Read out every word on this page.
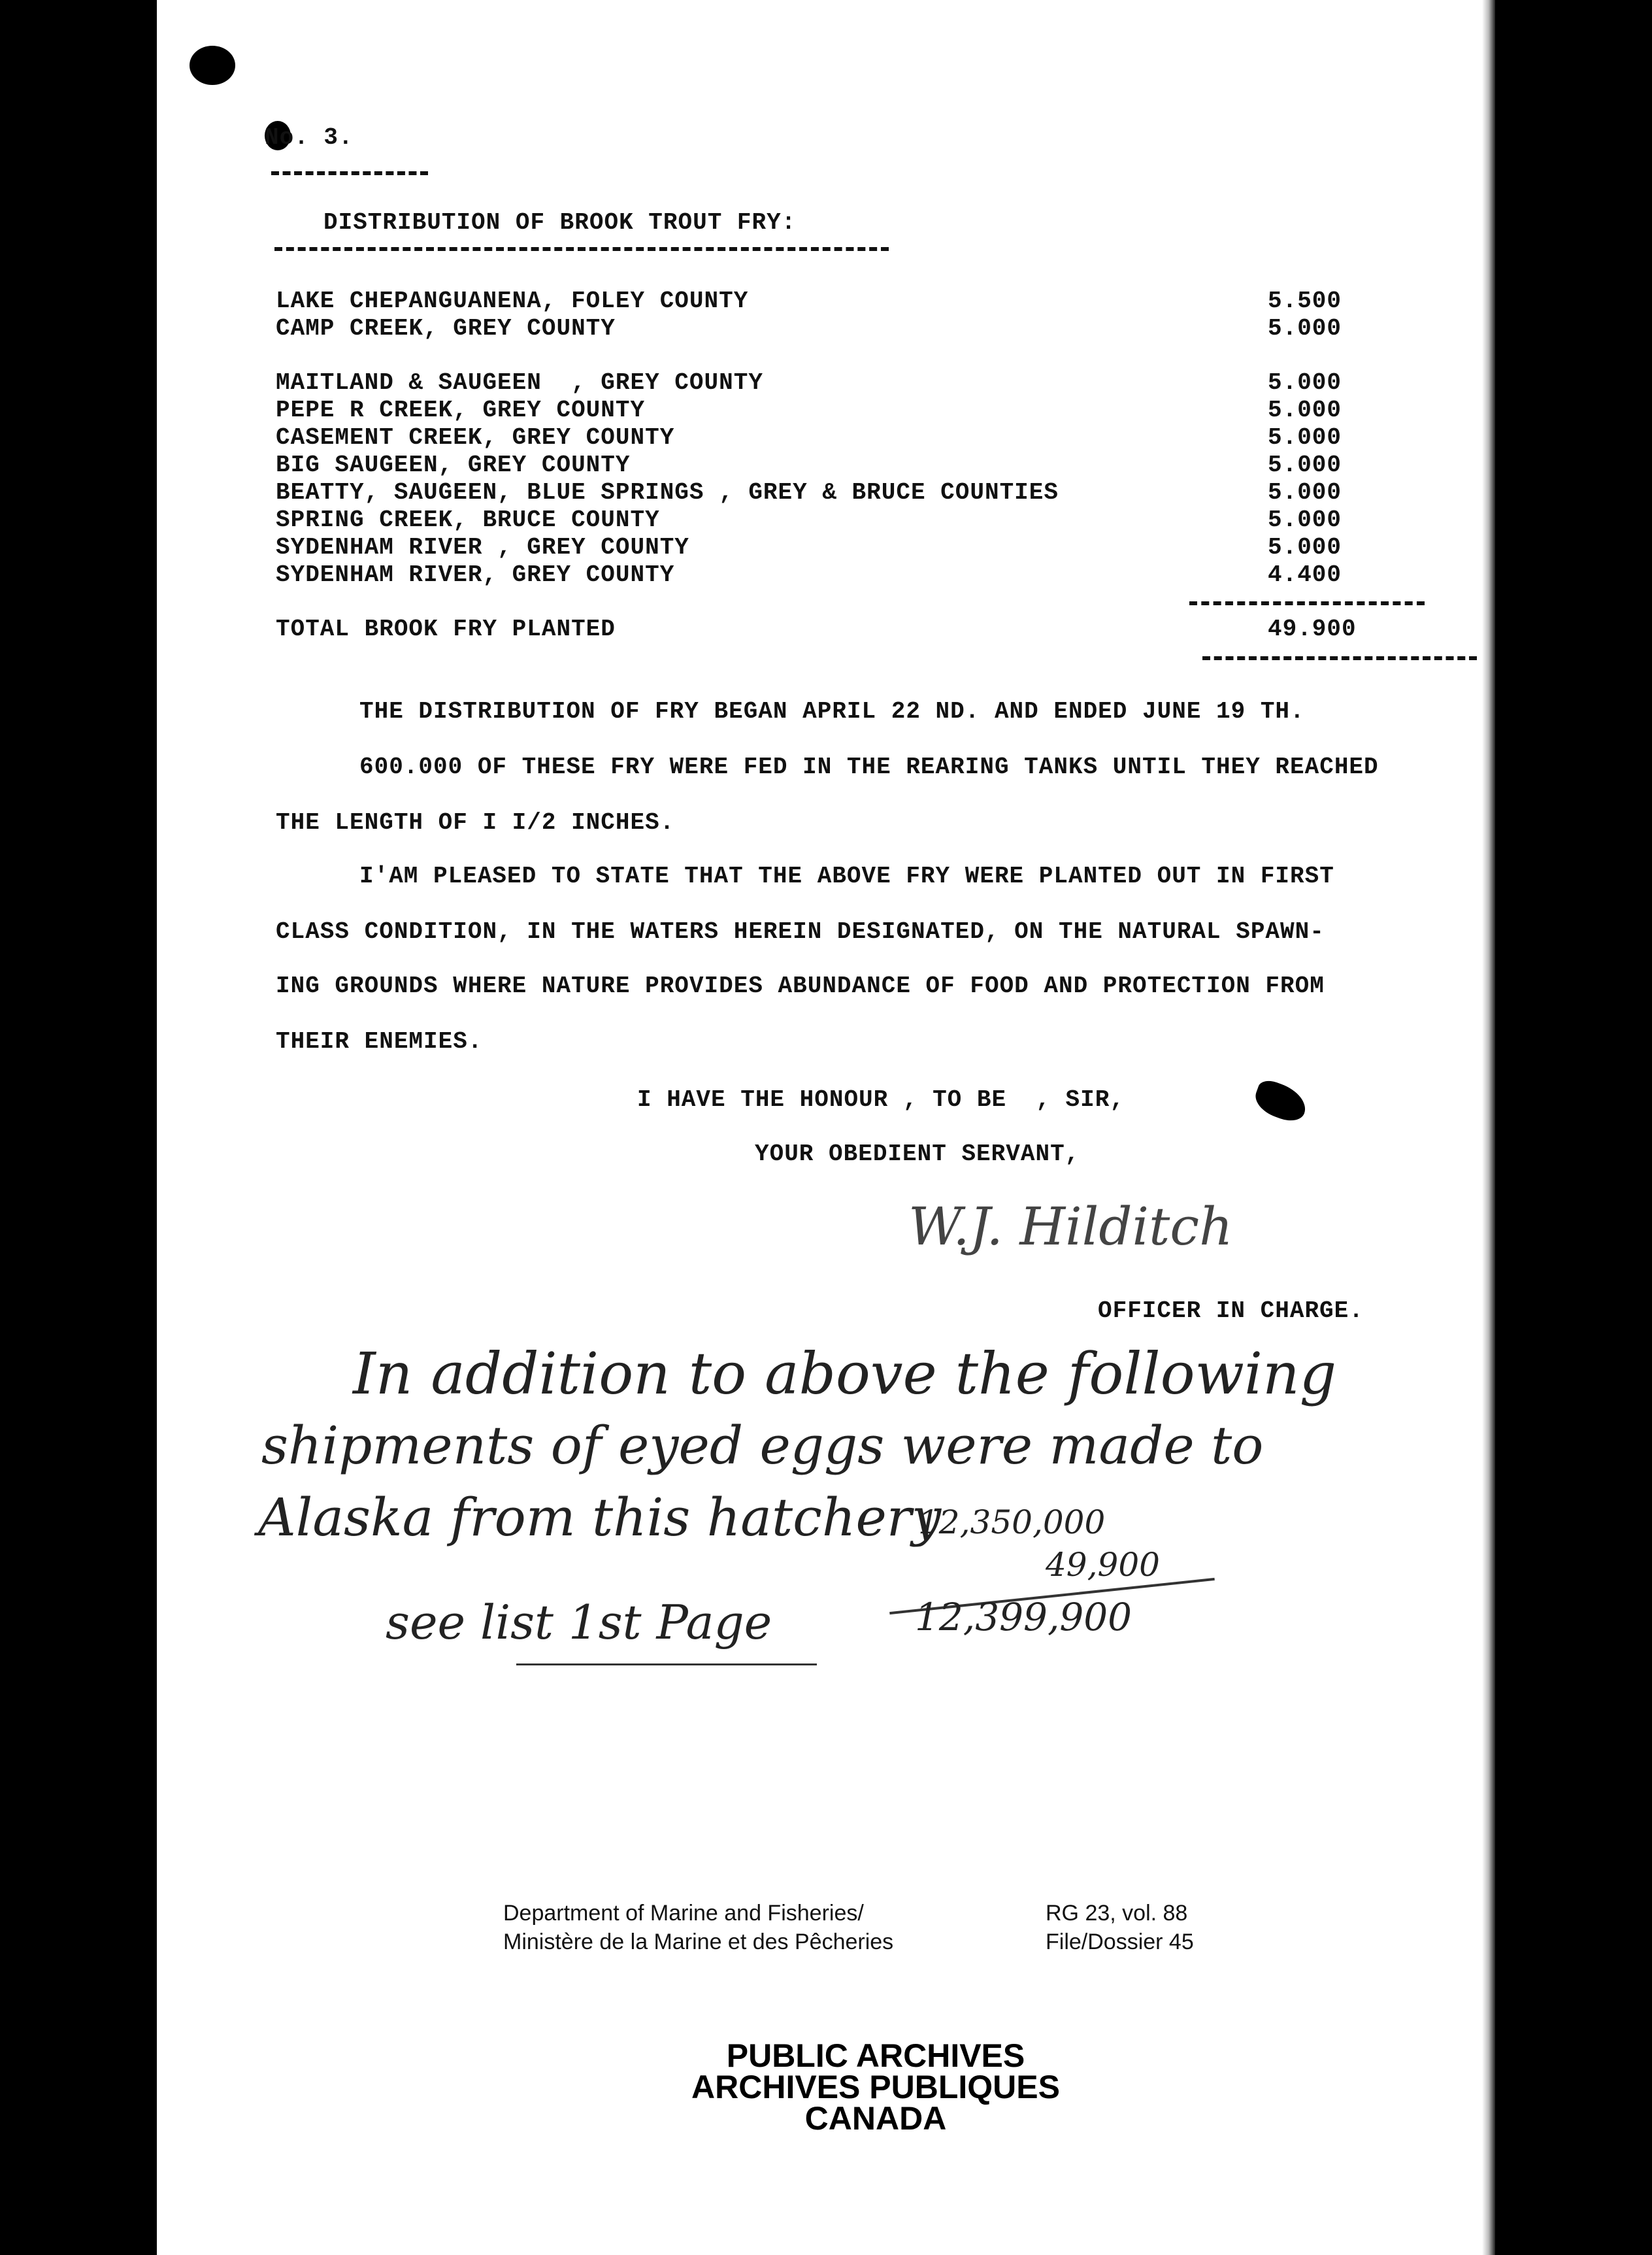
No. 3.
DISTRIBUTION OF BROOK TROUT FRY:
LAKE CHEPANGUANENA, FOLEY COUNTY	5.500
CAMP CREEK, GREY COUNTY	5.000
MAITLAND & SAUGEEN  , GREY COUNTY	5.000
PEPE R CREEK, GREY COUNTY	5.000
CASEMENT CREEK, GREY COUNTY	5.000
BIG SAUGEEN, GREY COUNTY	5.000
BEATTY, SAUGEEN, BLUE SPRINGS , GREY & BRUCE COUNTIES	5.000
SPRING CREEK, BRUCE COUNTY	5.000
SYDENHAM RIVER , GREY COUNTY	5.000
SYDENHAM RIVER, GREY COUNTY	4.400
TOTAL BROOK FRY PLANTED	49.900
THE DISTRIBUTION OF FRY BEGAN APRIL 22 ND. AND ENDED JUNE 19 TH.
600.000 OF THESE FRY WERE FED IN THE REARING TANKS UNTIL THEY REACHED
THE LENGTH OF I I/2 INCHES.
I'AM PLEASED TO STATE THAT THE ABOVE FRY WERE PLANTED OUT IN FIRST
CLASS CONDITION, IN THE WATERS HEREIN DESIGNATED, ON THE NATURAL SPAWN-
ING GROUNDS WHERE NATURE PROVIDES ABUNDANCE OF FOOD AND PROTECTION FROM
THEIR ENEMIES.
I HAVE THE HONOUR , TO BE  , SIR,
YOUR OBEDIENT SERVANT,
W.J. Hilditch
OFFICER IN CHARGE.
In addition to above the following
shipments of eyed eggs were made to
Alaska from this hatchery
12,350,000
49,900
12,399,900
see list 1st Page
Department of Marine and Fisheries/
Ministère de la Marine et des Pêcheries
RG 23, vol. 88
File/Dossier 45
PUBLIC ARCHIVES
ARCHIVES PUBLIQUES
CANADA
